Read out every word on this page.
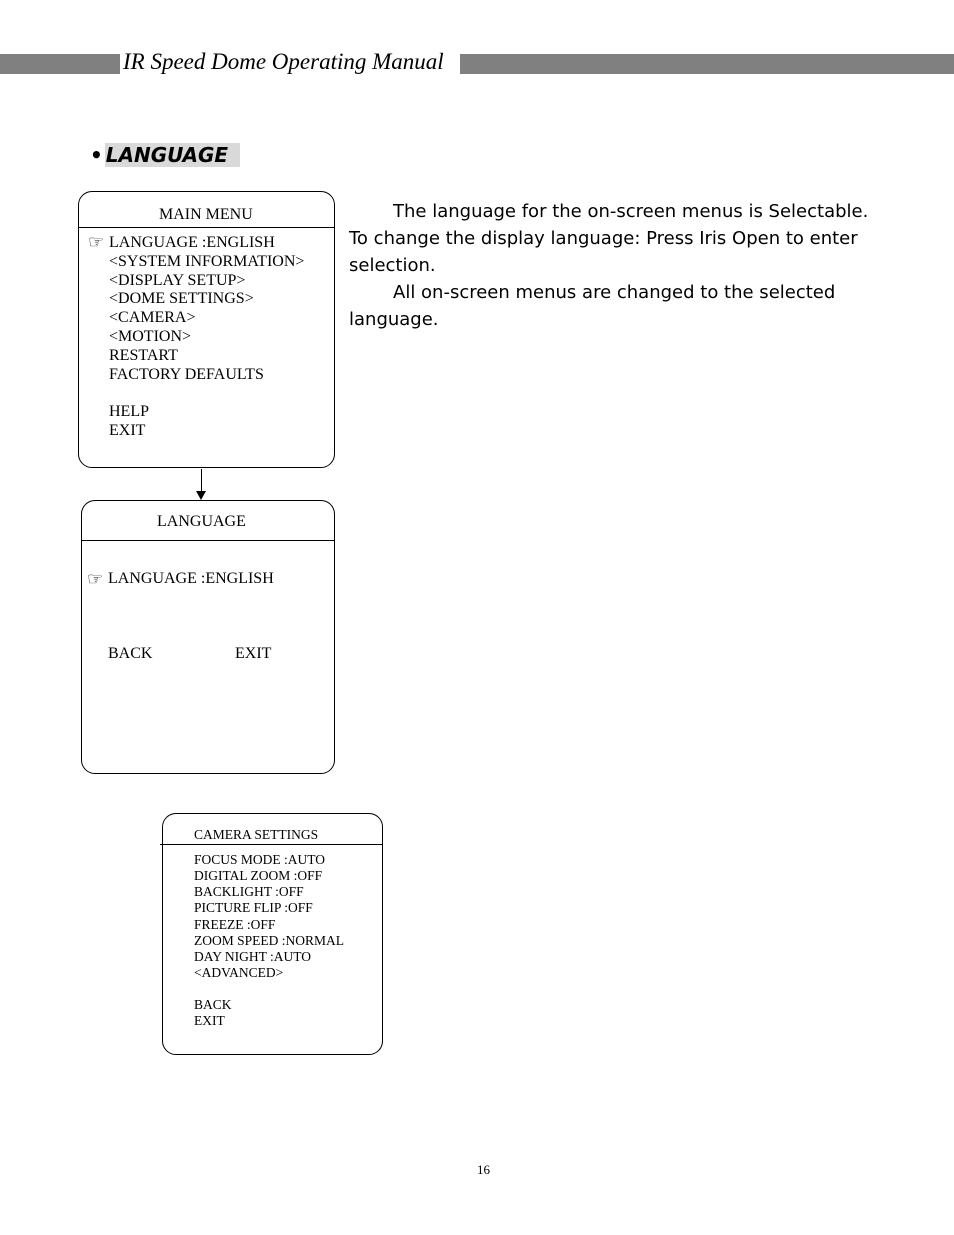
IR Speed Dome Operating Manual
• LANGUAGE

The language for the on-screen menus is Selectable. To change the display language: Press Iris Open to enter selection.

All on-screen menus are changed to the selected language.

MAIN MENU
☞ LANGUAGE :ENGLISH
<SYSTEM INFORMATION>
<DISPLAY SETUP>
<DOME SETTINGS>
<CAMERA>
<MOTION>
RESTART
FACTORY DEFAULTS
HELP
EXIT
LANGUAGE
☞ LANGUAGE :ENGLISH
BACK	EXIT
CAMERA SETTINGS
FOCUS MODE :AUTO
DIGITAL ZOOM :OFF
BACKLIGHT :OFF
PICTURE FLIP :OFF
FREEZE :OFF
ZOOM SPEED :NORMAL
DAY NIGHT :AUTO
<ADVANCED>
BACK
EXIT
16
